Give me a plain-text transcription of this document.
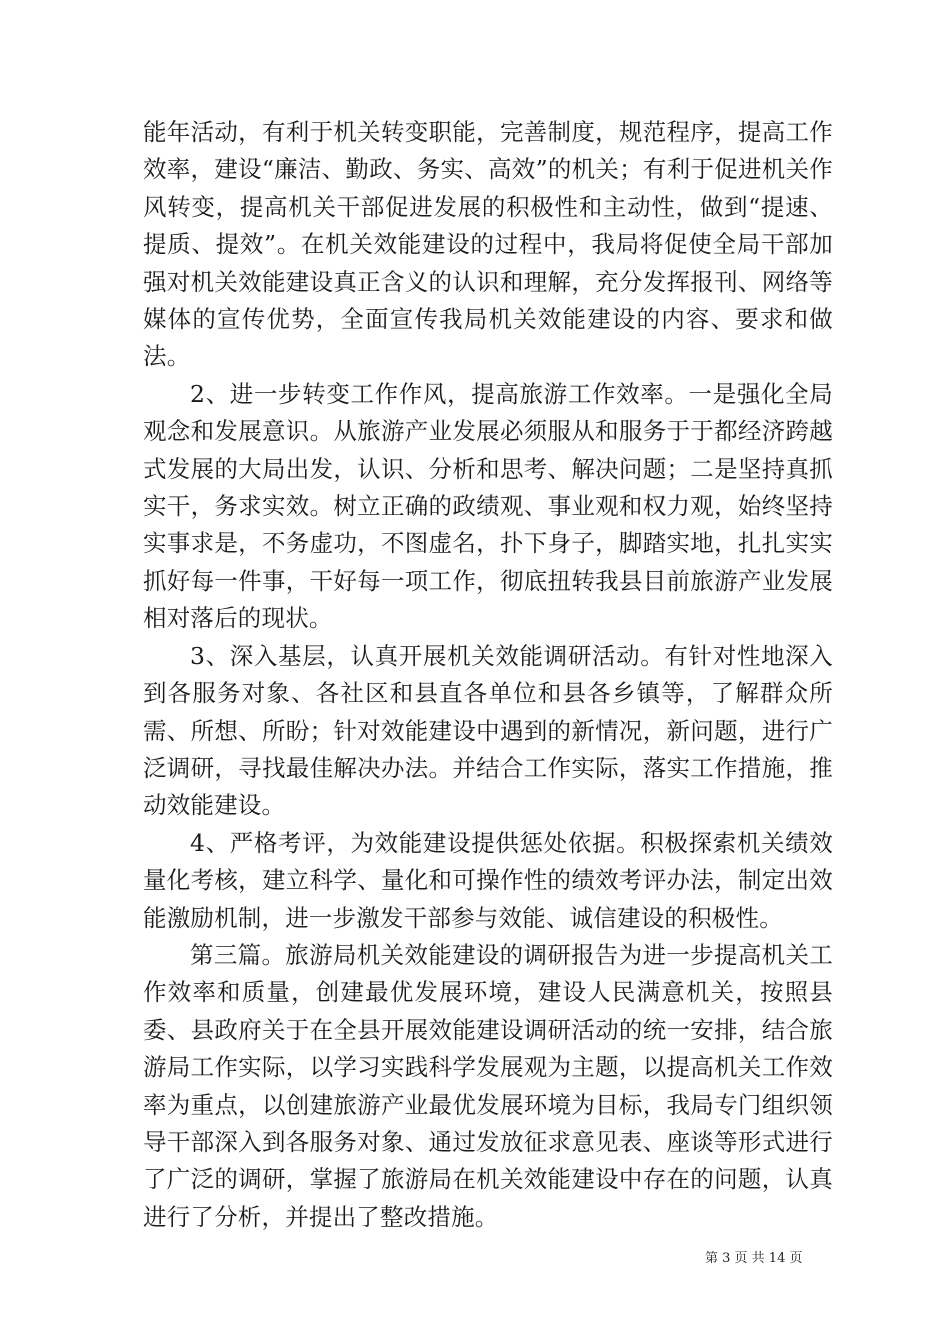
能年活动，有利于机关转变职能，完善制度，规范程序，提高工作效率，建设“廉洁、勤政、务实、高效”的机关；有利于促进机关作风转变，提高机关干部促进发展的积极性和主动性，做到“提速、提质、提效”。在机关效能建设的过程中，我局将促使全局干部加强对机关效能建设真正含义的认识和理解，充分发挥报刊、网络等媒体的宣传优势，全面宣传我局机关效能建设的内容、要求和做法。

2、进一步转变工作作风，提高旅游工作效率。一是强化全局观念和发展意识。从旅游产业发展必须服从和服务于于都经济跨越式发展的大局出发，认识、分析和思考、解决问题；二是坚持真抓实干，务求实效。树立正确的政绩观、事业观和权力观，始终坚持实事求是，不务虚功，不图虚名，扑下身子，脚踏实地，扎扎实实抓好每一件事，干好每一项工作，彻底扭转我县目前旅游产业发展相对落后的现状。

3、深入基层，认真开展机关效能调研活动。有针对性地深入到各服务对象、各社区和县直各单位和县各乡镇等，了解群众所需、所想、所盼；针对效能建设中遇到的新情况，新问题，进行广泛调研，寻找最佳解决办法。并结合工作实际，落实工作措施，推动效能建设。

4、严格考评，为效能建设提供惩处依据。积极探索机关绩效量化考核，建立科学、量化和可操作性的绩效考评办法，制定出效能激励机制，进一步激发干部参与效能、诚信建设的积极性。

第三篇。旅游局机关效能建设的调研报告为进一步提高机关工作效率和质量，创建最优发展环境，建设人民满意机关，按照县委、县政府关于在全县开展效能建设调研活动的统一安排，结合旅游局工作实际，以学习实践科学发展观为主题，以提高机关工作效率为重点，以创建旅游产业最优发展环境为目标，我局专门组织领导干部深入到各服务对象、通过发放征求意见表、座谈等形式进行了广泛的调研，掌握了旅游局在机关效能建设中存在的问题，认真进行了分析，并提出了整改措施。

第 3 页 共 14 页
